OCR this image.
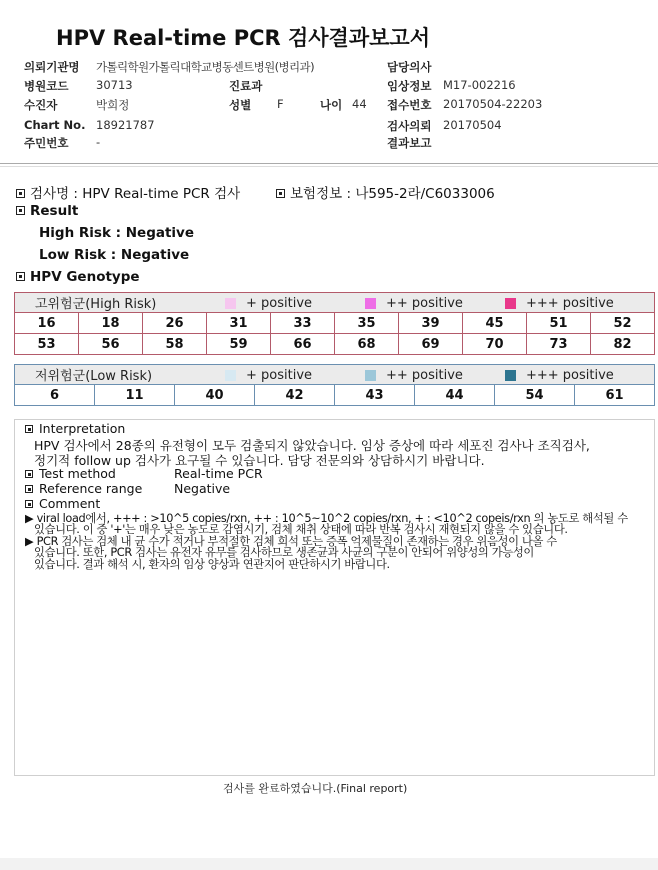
HPV Real-time PCR 검사결과보고서
의뢰기관명 가톨릭학원가톨릭대학교병동센트병원(병리과)	담당의사
병원코드 30713	진료과	임상정보 M17-002216
수진자	박희정	성별 F	나이 44 접수번호 20170504-22203
Chart No. 18921787	검사의뢰 20170504
주민번호 -	결과보고
검사명 : HPV Real-time PCR 검사	보험정보 : 나595-2라/C6033006
Result
High Risk : Negative
Low Risk : Negative
HPV Genotype
고위험군(High Risk)	+ positive	++ positive	+++ positive
16	18	26	31	33	35	39	45	51	52
53	56	58	59	66	68	69	70	73	82
저위험군(Low Risk)	+ positive	++ positive	+++ positive
6	11	40	42	43	44	54	61
Interpretation
HPV 검사에서 28종의 유전형이 모두 검출되지 않았습니다. 임상 증상에 따라 세포진 검사나 조직검사,
정기적 follow up 검사가 요구될 수 있습니다. 담당 전문의와 상담하시기 바랍니다.
Test method	Real-time PCR
Reference range	Negative
Comment
▶ viral load에서, +++ : >10^5 copies/rxn, ++ : 10^5~10^2 copies/rxn, + : <10^2 copeis/rxn 의 농도로 해석될 수
있습니다. 이 중 '+'는 매우 낮은 농도로 감염시기, 검체 채취 상태에 따라 반복 검사시 재현되지 않을 수 있습니다.
▶ PCR 검사는 검체 내 균 수가 적거나 부적절한 검체 희석 또는 증폭 억제물질이 존재하는 경우 위음성이 나올 수
있습니다. 또한, PCR 검사는 유전자 유무를 검사하므로 생존균과 사균의 구분이 안되어 위양성의 가능성이
있습니다. 결과 해석 시, 환자의 임상 양상과 연관지어 판단하시기 바랍니다.
검사를 완료하였습니다.(Final report)
